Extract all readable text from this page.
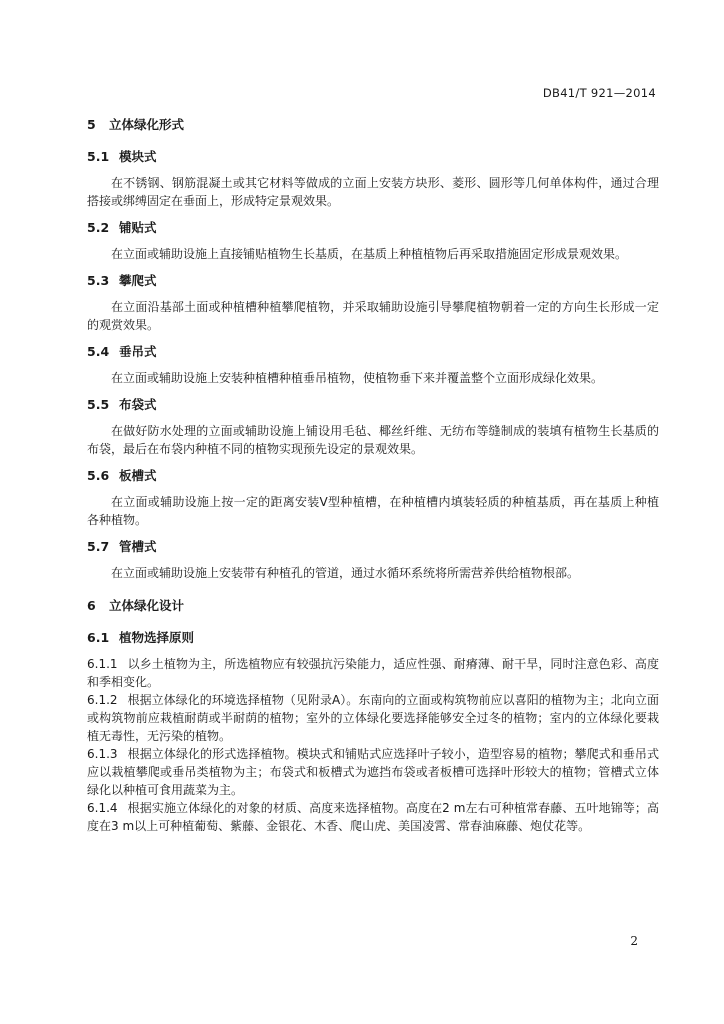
DB41/T 921—2014
5 立体绿化形式
5.1 模块式

在不锈钢、钢筋混凝土或其它材料等做成的立面上安装方块形、菱形、圆形等几何单体构件，通过合理搭接或绑缚固定在垂面上，形成特定景观效果。

5.2 铺贴式

在立面或辅助设施上直接铺贴植物生长基质，在基质上种植植物后再采取措施固定形成景观效果。

5.3 攀爬式

在立面沿基部土面或种植槽种植攀爬植物，并采取辅助设施引导攀爬植物朝着一定的方向生长形成一定的观赏效果。

5.4 垂吊式

在立面或辅助设施上安装种植槽种植垂吊植物，使植物垂下来并覆盖整个立面形成绿化效果。

5.5 布袋式

在做好防水处理的立面或辅助设施上铺设用毛毡、椰丝纤维、无纺布等缝制成的装填有植物生长基质的布袋，最后在布袋内种植不同的植物实现预先设定的景观效果。

5.6 板槽式

在立面或辅助设施上按一定的距离安装V型种植槽，在种植槽内填装轻质的种植基质，再在基质上种植各种植物。

5.7 管槽式

在立面或辅助设施上安装带有种植孔的管道，通过水循环系统将所需营养供给植物根部。

6 立体绿化设计
6.1 植物选择原则

6.1.1 以乡土植物为主，所选植物应有较强抗污染能力，适应性强、耐瘠薄、耐干旱，同时注意色彩、高度和季相变化。

6.1.2 根据立体绿化的环境选择植物（见附录A）。东南向的立面或构筑物前应以喜阳的植物为主；北向立面或构筑物前应栽植耐荫或半耐荫的植物；室外的立体绿化要选择能够安全过冬的植物；室内的立体绿化要栽植无毒性，无污染的植物。

6.1.3 根据立体绿化的形式选择植物。模块式和铺贴式应选择叶子较小，造型容易的植物；攀爬式和垂吊式应以栽植攀爬或垂吊类植物为主；布袋式和板槽式为遮挡布袋或者板槽可选择叶形较大的植物；管槽式立体绿化以种植可食用蔬菜为主。

6.1.4 根据实施立体绿化的对象的材质、高度来选择植物。高度在2 m左右可种植常春藤、五叶地锦等；高度在3 m以上可种植葡萄、紫藤、金银花、木香、爬山虎、美国凌霄、常春油麻藤、炮仗花等。

2
